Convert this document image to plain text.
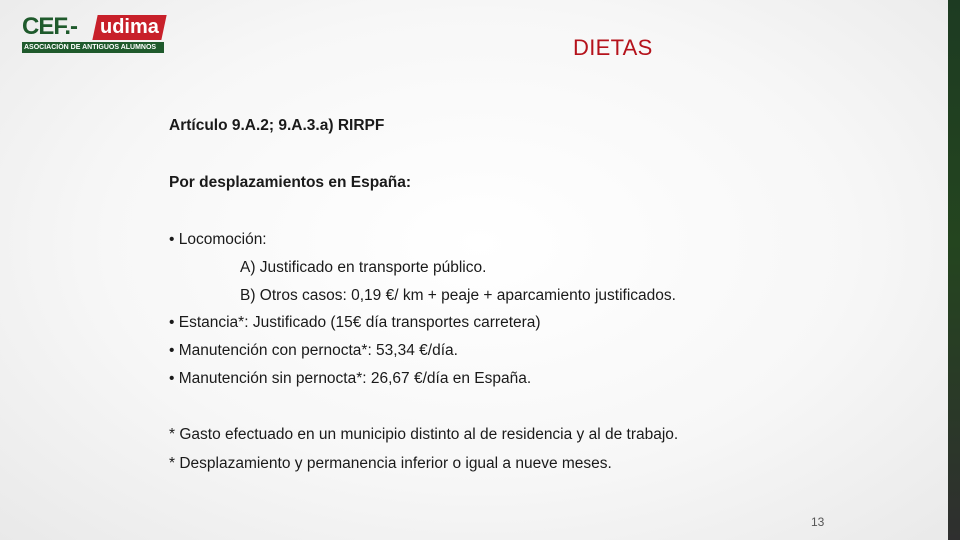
CEF.-	udima
ASOCIACIÓN DE ANTIGUOS ALUMNOS	DIETAS
Artículo 9.A.2; 9.A.3.a) RIRPF
Por desplazamientos en España:
• Locomoción:
A) Justificado en transporte público.
B) Otros casos: 0,19 €/ km + peaje + aparcamiento justificados.
• Estancia*: Justificado (15€ día transportes carretera)
• Manutención con pernocta*: 53,34 €/día.
• Manutención sin pernocta*: 26,67 €/día en España.
* Gasto efectuado en un municipio distinto al de residencia y al de trabajo.
* Desplazamiento y permanencia inferior o igual a nueve meses.
13
